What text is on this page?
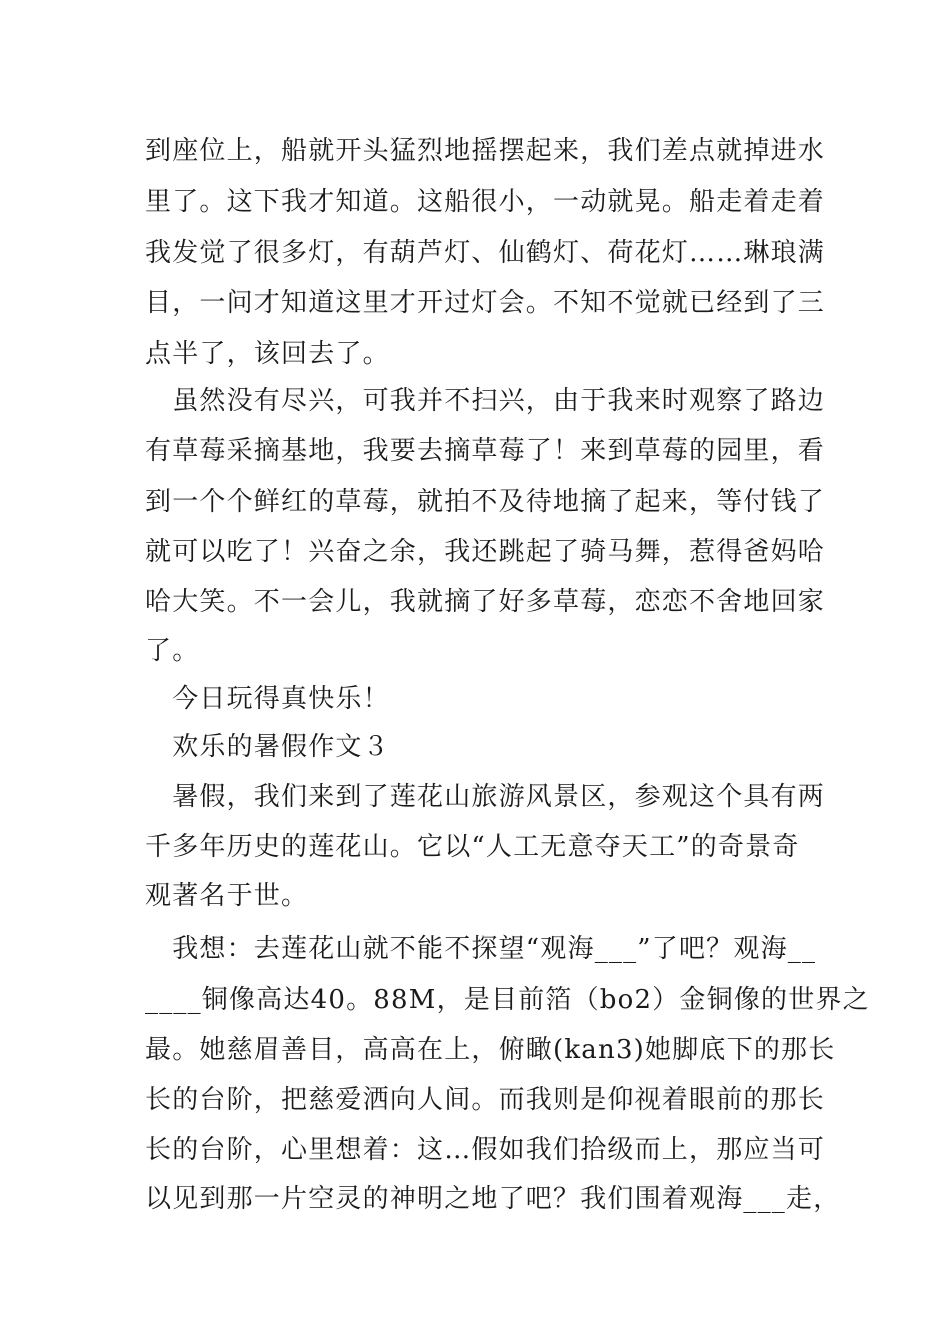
到座位上，船就开头猛烈地摇摆起来，我们差点就掉进水
里了。这下我才知道。这船很小，一动就晃。船走着走着
我发觉了很多灯，有葫芦灯、仙鹤灯、荷花灯……琳琅满
目，一问才知道这里才开过灯会。不知不觉就已经到了三
点半了，该回去了。
　虽然没有尽兴，可我并不扫兴，由于我来时观察了路边
有草莓采摘基地，我要去摘草莓了！来到草莓的园里，看
到一个个鲜红的草莓，就拍不及待地摘了起来，等付钱了
就可以吃了！兴奋之余，我还跳起了骑马舞，惹得爸妈哈
哈大笑。不一会儿，我就摘了好多草莓，恋恋不舍地回家
了。
　今日玩得真快乐！
　欢乐的暑假作文３
　暑假，我们来到了莲花山旅游风景区，参观这个具有两
千多年历史的莲花山。它以“人工无意夺天工”的奇景奇
观著名于世。
　我想：去莲花山就不能不探望“观海___”了吧？观海__
____铜像高达40。88M，是目前箔（bo2）金铜像的世界之
最。她慈眉善目，高高在上，俯瞰(kan3)她脚底下的那长
长的台阶，把慈爱洒向人间。而我则是仰视着眼前的那长
长的台阶，心里想着：这…假如我们拾级而上，那应当可
以见到那一片空灵的神明之地了吧？我们围着观海___走，
